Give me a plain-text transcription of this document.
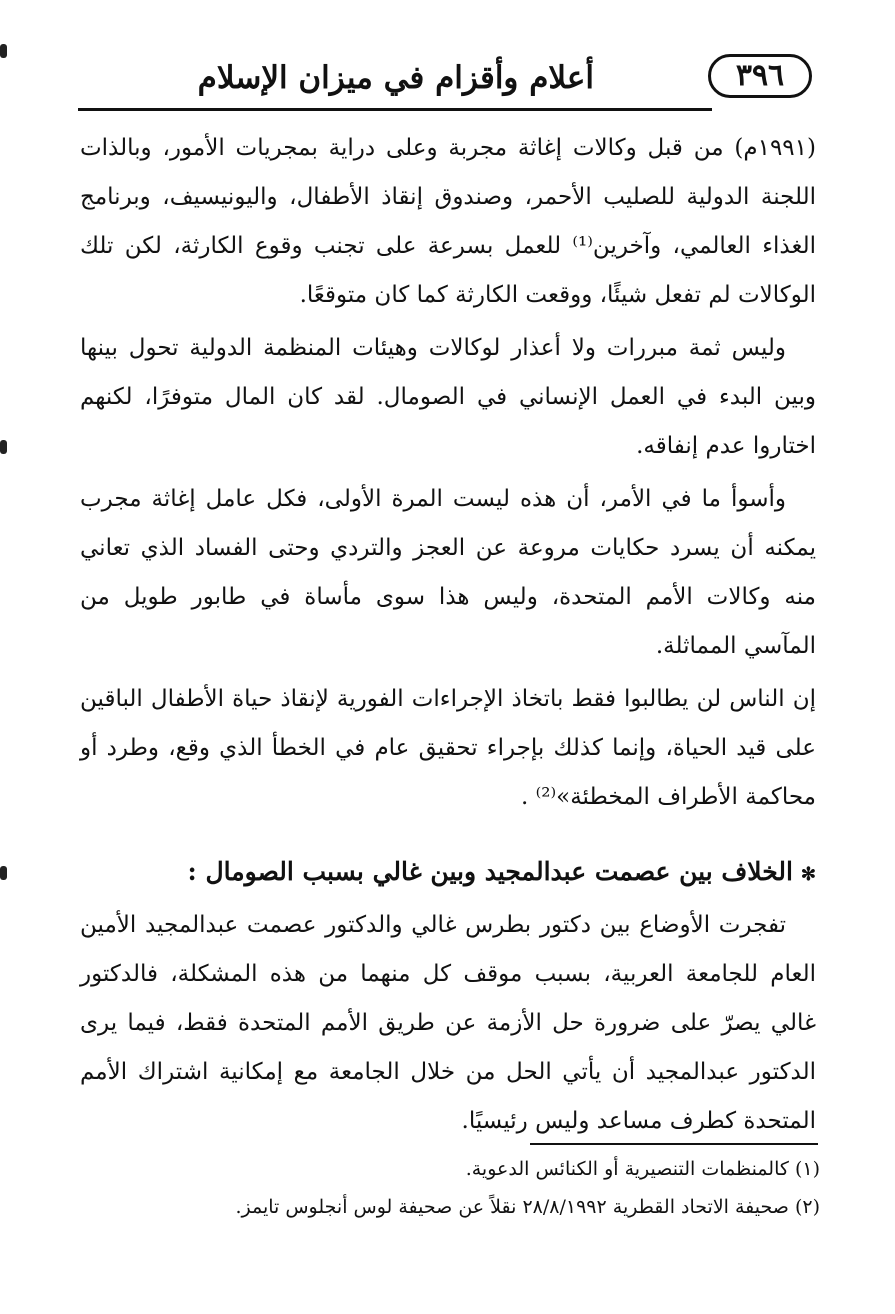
أعلام وأقزام في ميزان الإسلام	٣٩٦

(١٩٩١م) من قبل وكالات إغاثة مجربة وعلى دراية بمجريات الأمور، وبالذات اللجنة الدولية للصليب الأحمر، وصندوق إنقاذ الأطفال، واليونيسيف، وبرنامج الغذاء العالمي، وآخرين⁽¹⁾ للعمل بسرعة على تجنب وقوع الكارثة، لكن تلك الوكالات لم تفعل شيئًا، ووقعت الكارثة كما كان متوقعًا.

وليس ثمة مبررات ولا أعذار لوكالات وهيئات المنظمة الدولية تحول بينها وبين البدء في العمل الإنساني في الصومال. لقد كان المال متوفرًا، لكنهم اختاروا عدم إنفاقه.

وأسوأ ما في الأمر، أن هذه ليست المرة الأولى، فكل عامل إغاثة مجرب يمكنه أن يسرد حكايات مروعة عن العجز والتردي وحتى الفساد الذي تعاني منه وكالات الأمم المتحدة، وليس هذا سوى مأساة في طابور طويل من المآسي المماثلة.

إن الناس لن يطالبوا فقط باتخاذ الإجراءات الفورية لإنقاذ حياة الأطفال الباقين على قيد الحياة، وإنما كذلك بإجراء تحقيق عام في الخطأ الذي وقع، وطرد أو محاكمة الأطراف المخطئة»⁽²⁾ .

✻الخلاف بين عصمت عبدالمجيد وبين غالي بسبب الصومال :

تفجرت الأوضاع بين دكتور بطرس غالي والدكتور عصمت عبدالمجيد الأمين العام للجامعة العربية، بسبب موقف كل منهما من هذه المشكلة، فالدكتور غالي يصرّ على ضرورة حل الأزمة عن طريق الأمم المتحدة فقط، فيما يرى الدكتور عبدالمجيد أن يأتي الحل من خلال الجامعة مع إمكانية اشتراك الأمم المتحدة كطرف مساعد وليس رئيسيًا.

(١) كالمنظمات التنصيرية أو الكنائس الدعوية.

(٢) صحيفة الاتحاد القطرية ٢٨/٨/١٩٩٢ نقلاً عن صحيفة لوس أنجلوس تايمز.
